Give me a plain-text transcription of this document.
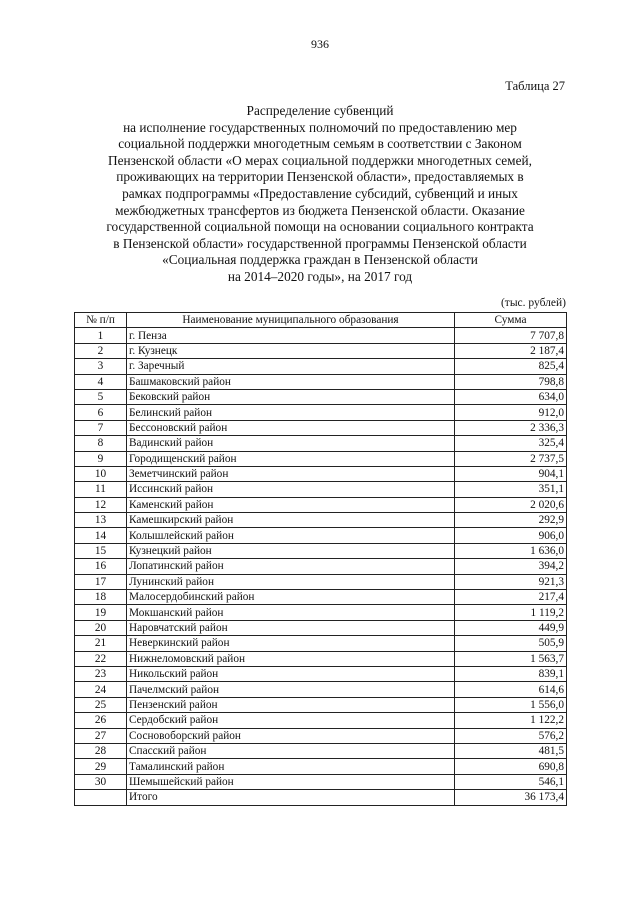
936
Таблица 27
Распределение субвенций
на исполнение государственных полномочий по предоставлению мер
социальной поддержки многодетным семьям в соответствии с Законом
Пензенской области «О мерах социальной поддержки многодетных семей,
проживающих на территории Пензенской области», предоставляемых в
рамках подпрограммы «Предоставление субсидий, субвенций и иных
межбюджетных трансфертов из бюджета Пензенской области. Оказание
государственной социальной помощи на основании социального контракта
в Пензенской области» государственной программы Пензенской области
«Социальная поддержка граждан в Пензенской области
на 2014–2020 годы», на 2017 год
(тыс. рублей)
№ п/п	Наименование муниципального образования	Сумма
1	г. Пенза	7 707,8
2	г. Кузнецк	2 187,4
3	г. Заречный	825,4
4	Башмаковский район	798,8
5	Бековский район	634,0
6	Белинский район	912,0
7	Бессоновский район	2 336,3
8	Вадинский район	325,4
9	Городищенский район	2 737,5
10	Земетчинский район	904,1
11	Иссинский район	351,1
12	Каменский район	2 020,6
13	Камешкирский район	292,9
14	Колышлейский район	906,0
15	Кузнецкий район	1 636,0
16	Лопатинский район	394,2
17	Лунинский район	921,3
18	Малосердобинский район	217,4
19	Мокшанский район	1 119,2
20	Наровчатский район	449,9
21	Неверкинский район	505,9
22	Нижнеломовский район	1 563,7
23	Никольский район	839,1
24	Пачелмский район	614,6
25	Пензенский район	1 556,0
26	Сердобский район	1 122,2
27	Сосновоборский район	576,2
28	Спасский район	481,5
29	Тамалинский район	690,8
30	Шемышейский район	546,1
	Итого	36 173,4
